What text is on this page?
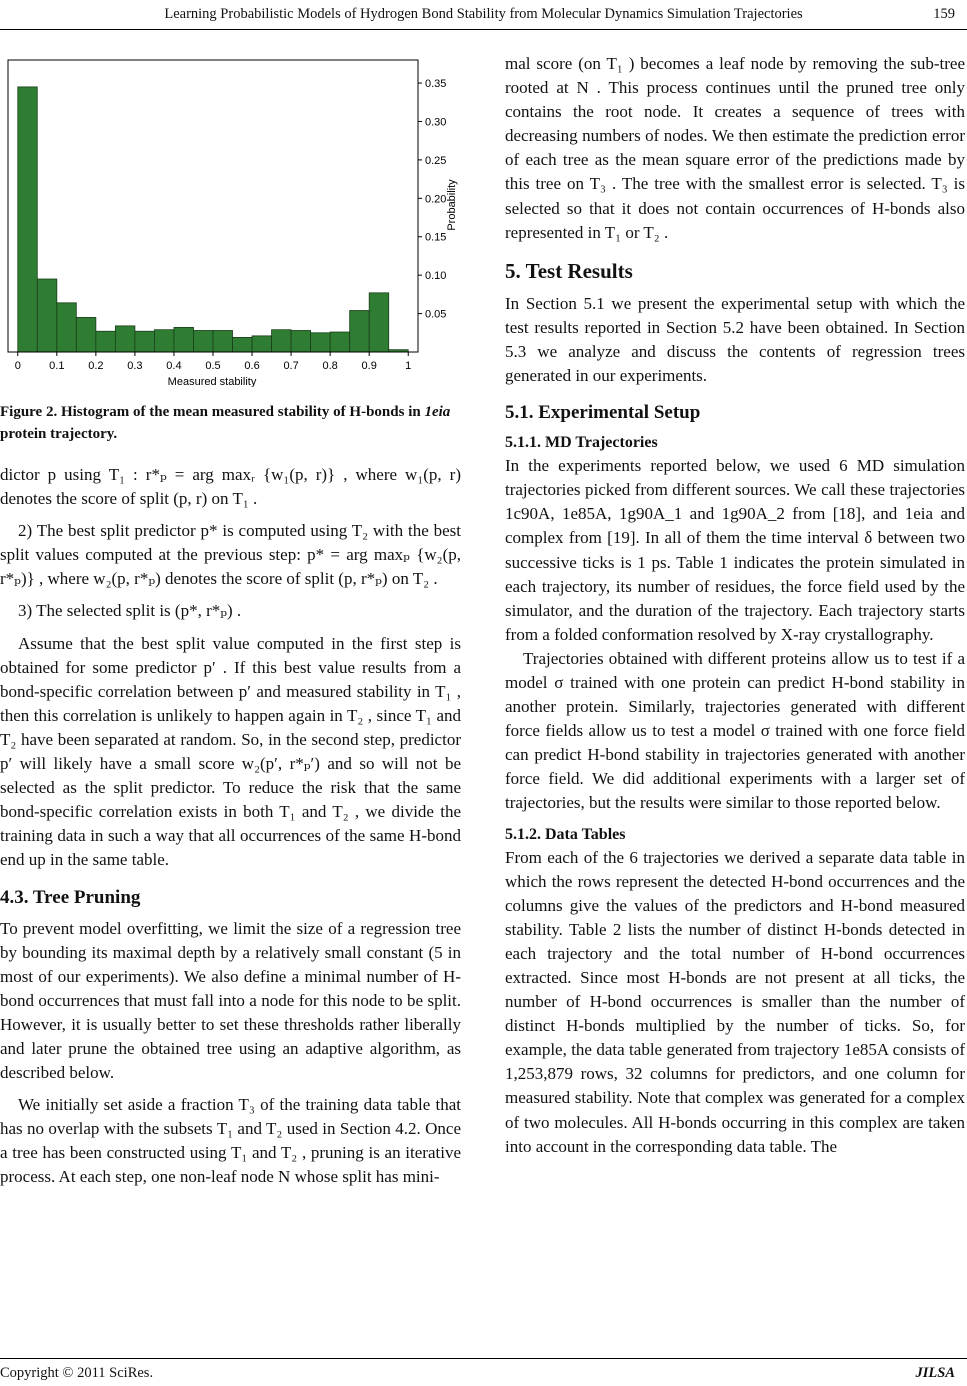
Learning Probabilistic Models of Hydrogen Bond Stability from Molecular Dynamics Simulation Trajectories	159
0	0.1 0.2 0.3 0.4 0.5 0.6 0.7 0.8 0.9	1
0.05
0.10
0.15
0.20
0.25
0.30
0.35
Measured stability
Probability
Figure 2. Histogram of the mean measured stability of H-bonds in 1eia protein trajectory.

dictor p using T₁ : r*ₚ = arg maxᵣ {w₁(p, r)} , where w₁(p, r) denotes the score of split (p, r) on T₁ .

2) The best split predictor p* is computed using T₂ with the best split values computed at the previous step: p* = arg maxₚ {w₂(p, r*ₚ)} , where w₂(p, r*ₚ) denotes the score of split (p, r*ₚ) on T₂ .

3) The selected split is (p*, r*ₚ) .

Assume that the best split value computed in the first step is obtained for some predictor p′ . If this best value results from a bond-specific correlation between p′ and measured stability in T₁ , then this correlation is unlikely to happen again in T₂ , since T₁ and T₂ have been separated at random. So, in the second step, predictor p′ will likely have a small score w₂(p′, r*ₚ′) and so will not be selected as the split predictor. To reduce the risk that the same bond-specific correlation exists in both T₁ and T₂ , we divide the training data in such a way that all occurrences of the same H-bond end up in the same table.

4.3. Tree Pruning

To prevent model overfitting, we limit the size of a regression tree by bounding its maximal depth by a relatively small constant (5 in most of our experiments). We also define a minimal number of H-bond occurrences that must fall into a node for this node to be split. However, it is usually better to set these thresholds rather liberally and later prune the obtained tree using an adaptive algorithm, as described below.

We initially set aside a fraction T₃ of the training data table that has no overlap with the subsets T₁ and T₂ used in Section 4.2. Once a tree has been constructed using T₁ and T₂ , pruning is an iterative process. At each step, one non-leaf node N whose split has mini-

mal score (on T₁ ) becomes a leaf node by removing the sub-tree rooted at N . This process continues until the pruned tree only contains the root node. It creates a sequence of trees with decreasing numbers of nodes. We then estimate the prediction error of each tree as the mean square error of the predictions made by this tree on T₃ . The tree with the smallest error is selected. T₃ is selected so that it does not contain occurrences of H-bonds also represented in T₁ or T₂ .

5. Test Results

In Section 5.1 we present the experimental setup with which the test results reported in Section 5.2 have been obtained. In Section 5.3 we analyze and discuss the contents of regression trees generated in our experiments.

5.1. Experimental Setup
5.1.1. MD Trajectories

In the experiments reported below, we used 6 MD simulation trajectories picked from different sources. We call these trajectories 1c90A, 1e85A, 1g90A_1 and 1g90A_2 from [18], and 1eia and complex from [19]. In all of them the time interval δ between two successive ticks is 1 ps. Table 1 indicates the protein simulated in each trajectory, its number of residues, the force field used by the simulator, and the duration of the trajectory. Each trajectory starts from a folded conformation resolved by X-ray crystallography.

Trajectories obtained with different proteins allow us to test if a model σ trained with one protein can predict H-bond stability in another protein. Similarly, trajectories generated with different force fields allow us to test a model σ trained with one force field can predict H-bond stability in trajectories generated with another force field. We did additional experiments with a larger set of trajectories, but the results were similar to those reported below.

5.1.2. Data Tables

From each of the 6 trajectories we derived a separate data table in which the rows represent the detected H-bond occurrences and the columns give the values of the predictors and H-bond measured stability. Table 2 lists the number of distinct H-bonds detected in each trajectory and the total number of H-bond occurrences extracted. Since most H-bonds are not present at all ticks, the number of H-bond occurrences is smaller than the number of distinct H-bonds multiplied by the number of ticks. So, for example, the data table generated from trajectory 1e85A consists of 1,253,879 rows, 32 columns for predictors, and one column for measured stability. Note that complex was generated for a complex of two molecules. All H-bonds occurring in this complex are taken into account in the corresponding data table. The

Copyright © 2011 SciRes.	JILSA
